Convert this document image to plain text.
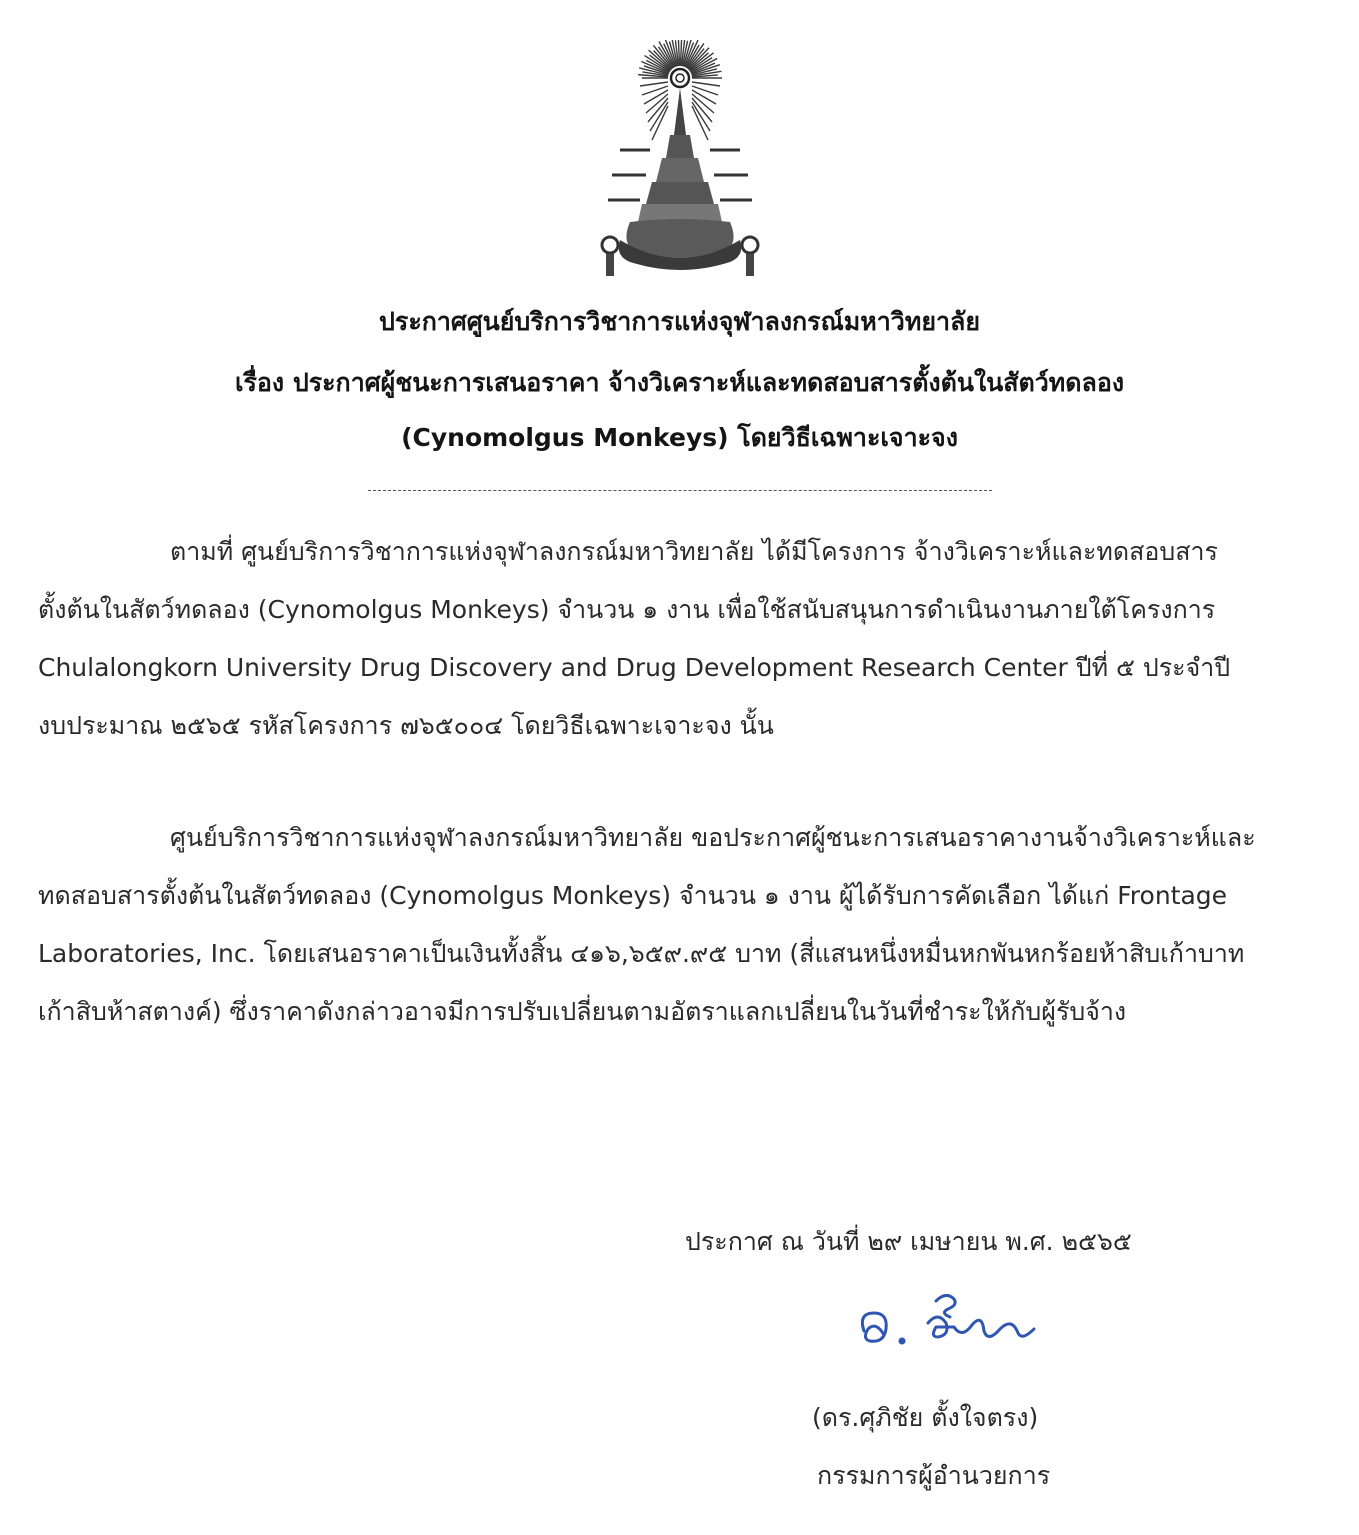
ประกาศศูนย์บริการวิชาการแห่งจุฬาลงกรณ์มหาวิทยาลัย
เรื่อง ประกาศผู้ชนะการเสนอราคา จ้างวิเคราะห์และทดสอบสารตั้งต้นในสัตว์ทดลอง
(Cynomolgus Monkeys) โดยวิธีเฉพาะเจาะจง
ตามที่ ศูนย์บริการวิชาการแห่งจุฬาลงกรณ์มหาวิทยาลัย ได้มีโครงการ จ้างวิเคราะห์และทดสอบสาร
ตั้งต้นในสัตว์ทดลอง (Cynomolgus Monkeys) จำนวน ๑ งาน เพื่อใช้สนับสนุนการดำเนินงานภายใต้โครงการ
Chulalongkorn University Drug Discovery and Drug Development Research Center ปีที่ ๕ ประจำปี
งบประมาณ ๒๕๖๕ รหัสโครงการ ๗๖๕๐๐๔ โดยวิธีเฉพาะเจาะจง นั้น
ศูนย์บริการวิชาการแห่งจุฬาลงกรณ์มหาวิทยาลัย ขอประกาศผู้ชนะการเสนอราคางานจ้างวิเคราะห์และ
ทดสอบสารตั้งต้นในสัตว์ทดลอง (Cynomolgus Monkeys) จำนวน ๑ งาน ผู้ได้รับการคัดเลือก ได้แก่ Frontage
Laboratories, Inc. โดยเสนอราคาเป็นเงินทั้งสิ้น ๔๑๖,๖๕๙.๙๕ บาท (สี่แสนหนึ่งหมื่นหกพันหกร้อยห้าสิบเก้าบาท
เก้าสิบห้าสตางค์) ซึ่งราคาดังกล่าวอาจมีการปรับเปลี่ยนตามอัตราแลกเปลี่ยนในวันที่ชำระให้กับผู้รับจ้าง
ประกาศ ณ วันที่ ๒๙ เมษายน พ.ศ. ๒๕๖๕
(ดร.ศุภิชัย ตั้งใจตรง)
กรรมการผู้อำนวยการ
